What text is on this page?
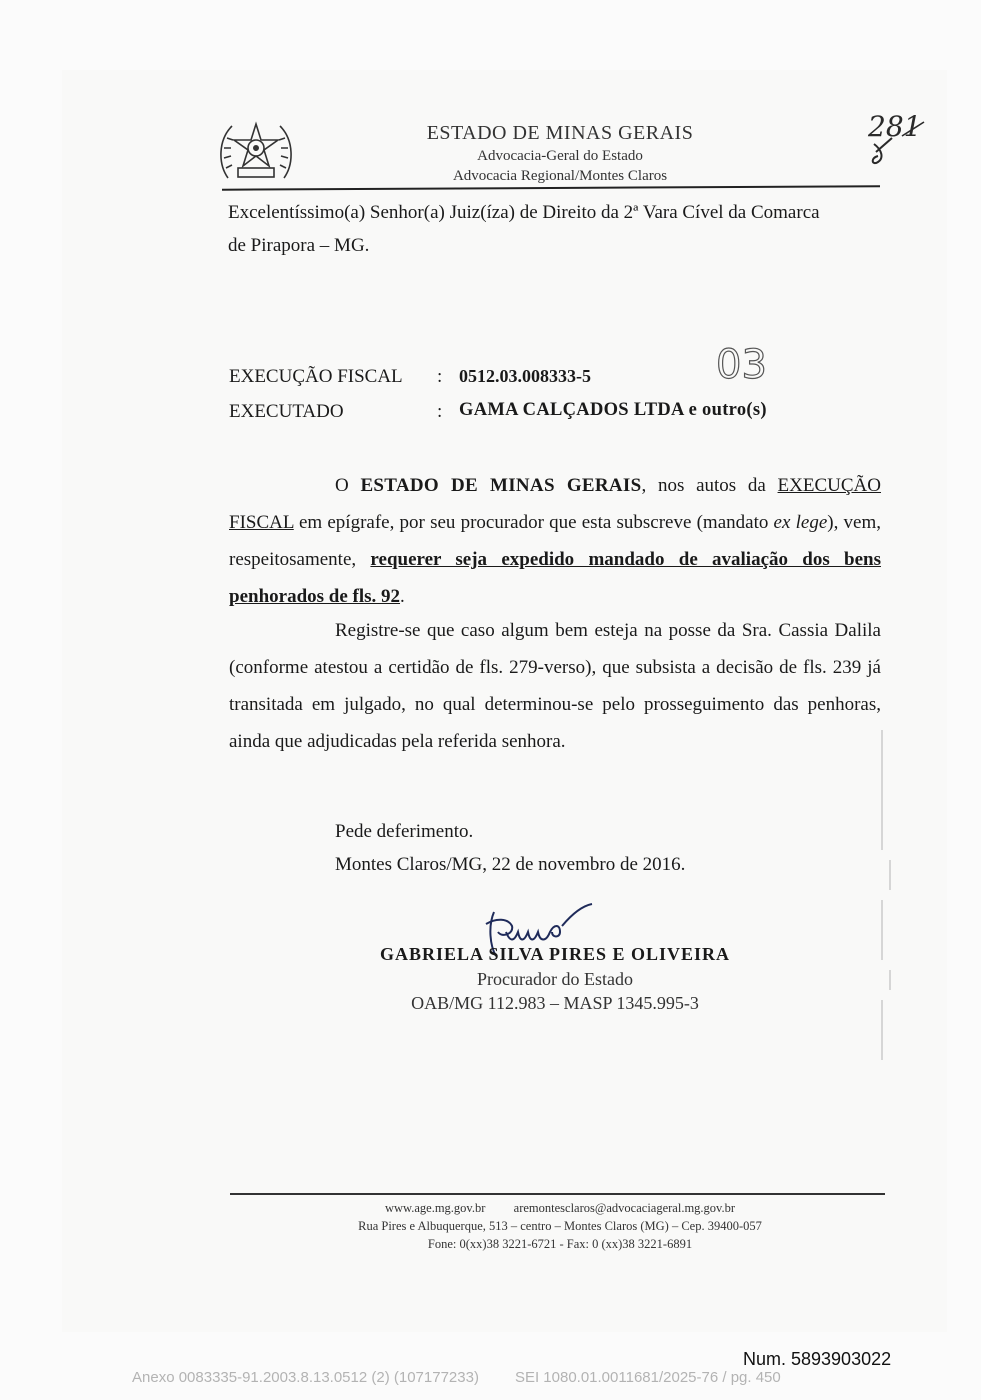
ESTADO DE MINAS GERAIS
Advocacia-Geral do Estado
Advocacia Regional/Montes Claros
281
Excelentíssimo(a) Senhor(a) Juiz(íza) de Direito da 2ª Vara Cível da Comarca
de Pirapora – MG.
03
EXECUÇÃO FISCAL : 0512.03.008333-5
EXECUTADO	: GAMA CALÇADOS LTDA e outro(s)
O ESTADO DE MINAS GERAIS, nos autos da EXECUÇÃO FISCAL em epígrafe, por seu procurador que esta subscreve (mandato ex lege), vem, respeitosamente, requerer seja expedido mandado de avaliação dos bens penhorados de fls. 92.
Registre-se que caso algum bem esteja na posse da Sra. Cassia Dalila (conforme atestou a certidão de fls. 279-verso), que subsista a decisão de fls. 239 já transitada em julgado, no qual determinou-se pelo prosseguimento das penhoras, ainda que adjudicadas pela referida senhora.
Pede deferimento.
Montes Claros/MG, 22 de novembro de 2016.
GABRIELA SILVA PIRES E OLIVEIRA
Procurador do Estado
OAB/MG 112.983 – MASP 1345.995-3
www.age.mg.gov.br aremontesclaros@advocaciageral.mg.gov.br
Rua Pires e Albuquerque, 513 – centro – Montes Claros (MG) – Cep. 39400-057
Fone: 0(xx)38 3221-6721 - Fax: 0 (xx)38 3221-6891
Num. 5893903022
Anexo 0083335-91.2003.8.13.0512 (2) (107177233) SEI 1080.01.0011681/2025-76 / pg. 450
